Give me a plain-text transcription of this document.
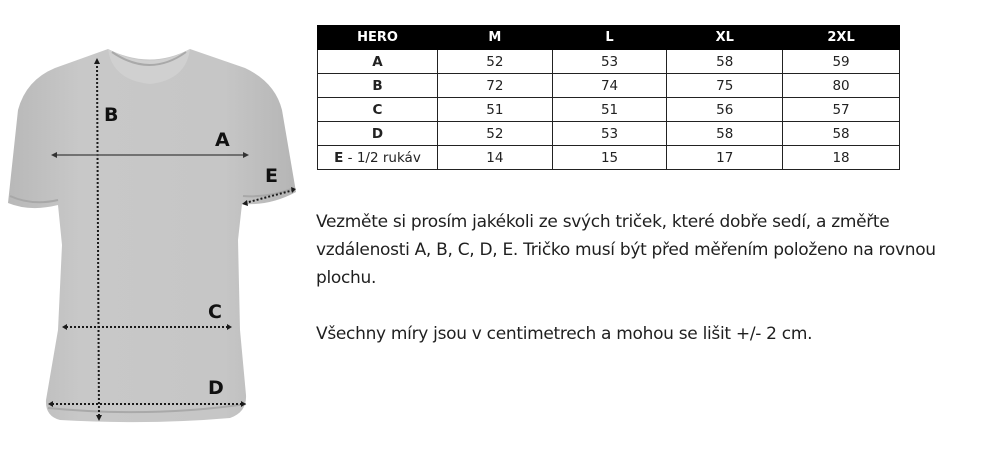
B
A
E
C
D
HERO	M	L	XL	2XL
A	52	53	58	59
B	72	74	75	80
C	51	51	56	57
D	52	53	58	58
E - 1/2 rukáv	14	15	17	18

Vezměte si prosím jakékoli ze svých triček, které dobře sedí, a změřte vzdálenosti A, B, C, D, E. Tričko musí být před měřením položeno na rovnou plochu.

Všechny míry jsou v centimetrech a mohou se lišit +/- 2 cm.
